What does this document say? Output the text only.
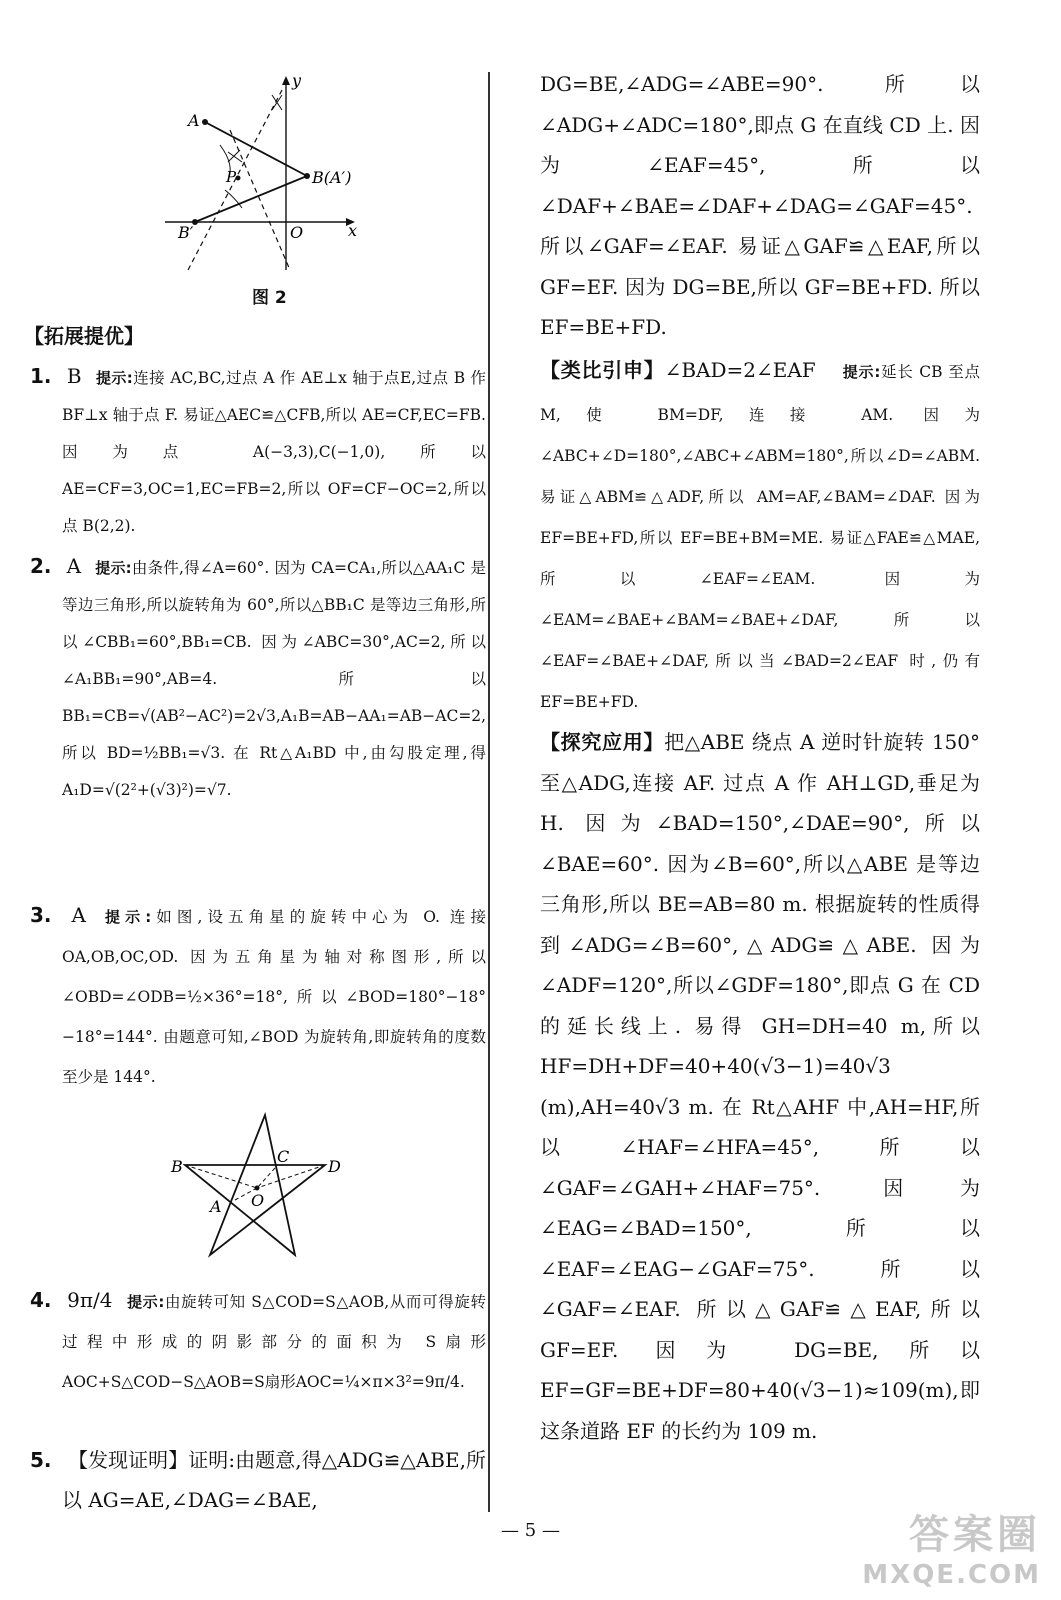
A
P	B(A′)
B′	O	x
y
图 2
【拓展提优】
1. B 提示:连接 AC,BC,过点 A 作 AE⊥x 轴于点E,过点 B 作 BF⊥x 轴于点 F. 易证△AEC≌△CFB,所以 AE=CF,EC=FB. 因为点 A(−3,3),C(−1,0),所以 AE=CF=3,OC=1,EC=FB=2,所以 OF=CF−OC=2,所以点 B(2,2).
2. A 提示:由条件,得∠A=60°. 因为 CA=CA₁,所以△AA₁C 是等边三角形,所以旋转角为 60°,所以△BB₁C 是等边三角形,所以∠CBB₁=60°,BB₁=CB. 因为∠ABC=30°,AC=2,所以∠A₁BB₁=90°,AB=4. 所以 BB₁=CB=√(AB²−AC²)=2√3,A₁B=AB−AA₁=AB−AC=2,所以 BD=½BB₁=√3. 在 Rt△A₁BD 中,由勾股定理,得 A₁D=√(2²+(√3)²)=√7.
3. A 提示:如图,设五角星的旋转中心为 O. 连接 OA,OB,OC,OD. 因为五角星为轴对称图形,所以∠OBD=∠ODB=½×36°=18°,所以∠BOD=180°−18°−18°=144°. 由题意可知,∠BOD 为旋转角,即旋转角的度数至少是 144°.
4. 9π/4 提示:由旋转可知 S△COD=S△AOB,从而可得旋转过程中形成的阴影部分的面积为 S扇形AOC+S△COD−S△AOB=S扇形AOC=¼×π×3²=9π/4.
5. 【发现证明】证明:由题意,得△ADG≌△ABE,所以 AG=AE,∠DAG=∠BAE,
B
C
D
A O
DG=BE,∠ADG=∠ABE=90°. 所以∠ADG+∠ADC=180°,即点 G 在直线 CD 上. 因为∠EAF=45°,所以∠DAF+∠BAE=∠DAF+∠DAG=∠GAF=45°. 所以∠GAF=∠EAF. 易证△GAF≌△EAF,所以 GF=EF. 因为 DG=BE,所以 GF=BE+FD. 所以 EF=BE+FD.
【类比引申】∠BAD=2∠EAF 提示:延长 CB 至点 M,使 BM=DF,连接 AM. 因为∠ABC+∠D=180°,∠ABC+∠ABM=180°,所以∠D=∠ABM. 易证△ABM≌△ADF,所以 AM=AF,∠BAM=∠DAF. 因为 EF=BE+FD,所以 EF=BE+BM=ME. 易证△FAE≌△MAE,所以∠EAF=∠EAM. 因为∠EAM=∠BAE+∠BAM=∠BAE+∠DAF,所以∠EAF=∠BAE+∠DAF,所以当∠BAD=2∠EAF 时,仍有 EF=BE+FD.
【探究应用】把△ABE 绕点 A 逆时针旋转 150°至△ADG,连接 AF. 过点 A 作 AH⊥GD,垂足为 H. 因为∠BAD=150°,∠DAE=90°,所以∠BAE=60°. 因为∠B=60°,所以△ABE 是等边三角形,所以 BE=AB=80 m. 根据旋转的性质得到∠ADG=∠B=60°,△ADG≌△ABE. 因为∠ADF=120°,所以∠GDF=180°,即点 G 在 CD 的延长线上. 易得 GH=DH=40 m,所以 HF=DH+DF=40+40(√3−1)=40√3 (m),AH=40√3 m. 在 Rt△AHF 中,AH=HF,所以∠HAF=∠HFA=45°,所以∠GAF=∠GAH+∠HAF=75°. 因为∠EAG=∠BAD=150°,所以∠EAF=∠EAG−∠GAF=75°. 所以∠GAF=∠EAF. 所以△GAF≌△EAF,所以 GF=EF. 因为 DG=BE,所以 EF=GF=BE+DF=80+40(√3−1)≈109(m),即这条道路 EF 的长约为 109 m.
— 5 —	答案圈
MXQE.COM
